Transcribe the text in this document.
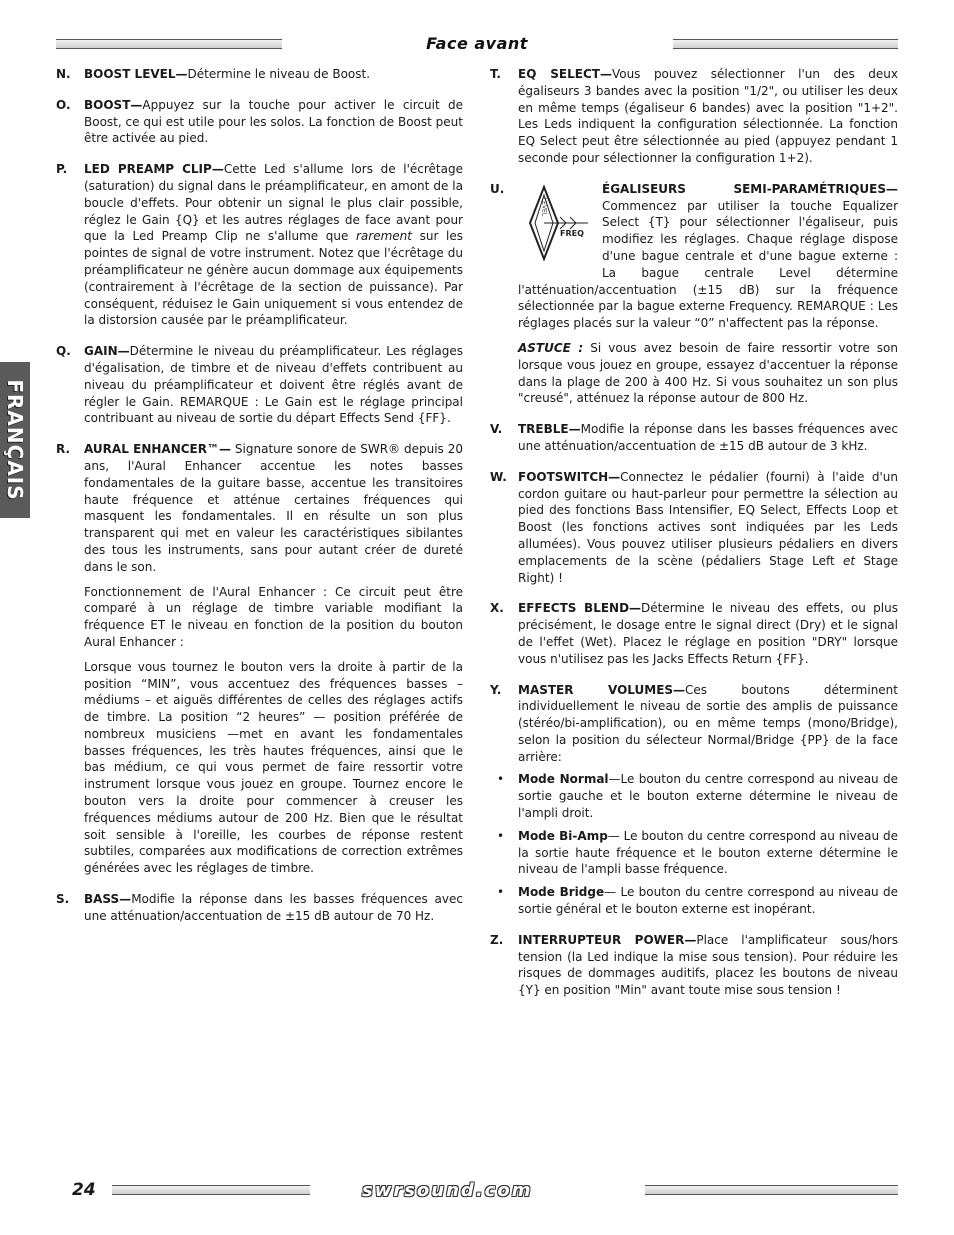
Face avant
FRANÇAIS
N. BOOST LEVEL—Détermine le niveau de Boost.

O. BOOST—Appuyez sur la touche pour activer le circuit de Boost, ce qui est utile pour les solos. La fonction de Boost peut être activée au pied.

P. LED PREAMP CLIP—Cette Led s'allume lors de l'écrêtage (saturation) du signal dans le préamplificateur, en amont de la boucle d'effets. Pour obtenir un signal le plus clair possible, réglez le Gain {Q} et les autres réglages de face avant pour que la Led Preamp Clip ne s'allume que rarement sur les pointes de signal de votre instrument. Notez que l'écrêtage du préamplificateur ne génère aucun dommage aux équipements (contrairement à l'écrêtage de la section de puissance). Par conséquent, réduisez le Gain uniquement si vous entendez de la distorsion causée par le préamplificateur.

Q. GAIN—Détermine le niveau du préamplificateur. Les réglages d'égalisation, de timbre et de niveau d'effets contribuent au niveau du préamplificateur et doivent être réglés avant de régler le Gain. REMARQUE : Le Gain est le réglage principal contribuant au niveau de sortie du départ Effects Send {FF}.

R. AURAL ENHANCER™— Signature sonore de SWR® depuis 20 ans, l'Aural Enhancer accentue les notes basses fondamentales de la guitare basse, accentue les transitoires haute fréquence et atténue certaines fréquences qui masquent les fondamentales. Il en résulte un son plus transparent qui met en valeur les caractéristiques sibilantes des tous les instruments, sans pour autant créer de dureté dans le son.

Fonctionnement de l'Aural Enhancer : Ce circuit peut être comparé à un réglage de timbre variable modifiant la fréquence ET le niveau en fonction de la position du bouton Aural Enhancer :

Lorsque vous tournez le bouton vers la droite à partir de la position “MIN”, vous accentuez des fréquences basses – médiums – et aiguës différentes de celles des réglages actifs de timbre. La position “2 heures” — position préférée de nombreux musiciens —met en avant les fondamentales basses fréquences, les très hautes fréquences, ainsi que le bas médium, ce qui vous permet de faire ressortir votre instrument lorsque vous jouez en groupe. Tournez encore le bouton vers la droite pour commencer à creuser les fréquences médiums autour de 200 Hz. Bien que le résultat soit sensible à l'oreille, les courbes de réponse restent subtiles, comparées aux modifications de correction extrêmes générées avec les réglages de timbre.

S. BASS—Modifie la réponse dans les basses fréquences avec une atténuation/accentuation de ±15 dB autour de 70 Hz.

T. EQ SELECT—Vous pouvez sélectionner l'un des deux égaliseurs 3 bandes avec la position "1/2", ou utiliser les deux en même temps (égaliseur 6 bandes) avec la position "1+2". Les Leds indiquent la configuration sélectionnée. La fonction EQ Select peut être sélectionnée au pied (appuyez pendant 1 seconde pour sélectionner la configuration 1+2).

U.	ÉGALISEURS SEMI-PARAMÉTRIQUES—
LEVEL
FREQ
Commencez par utiliser la touche Equalizer Select {T} pour sélectionner l'égaliseur, puis modifiez les réglages. Chaque réglage dispose d'une bague centrale et d'une bague externe : La bague centrale Level détermine l'atténuation/accentuation (±15 dB) sur la fréquence sélectionnée par la bague externe Frequency. REMARQUE : Les réglages placés sur la valeur “0” n'affectent pas la réponse.

ASTUCE : Si vous avez besoin de faire ressortir votre son lorsque vous jouez en groupe, essayez d'accentuer la réponse dans la plage de 200 à 400 Hz. Si vous souhaitez un son plus "creusé", atténuez la réponse autour de 800 Hz.

V. TREBLE—Modifie la réponse dans les basses fréquences avec une atténuation/accentuation de ±15 dB autour de 3 kHz.

W. FOOTSWITCH—Connectez le pédalier (fourni) à l'aide d'un cordon guitare ou haut-parleur pour permettre la sélection au pied des fonctions Bass Intensifier, EQ Select, Effects Loop et Boost (les fonctions actives sont indiquées par les Leds allumées). Vous pouvez utiliser plusieurs pédaliers en divers emplacements de la scène (pédaliers Stage Left et Stage Right) !

X. EFFECTS BLEND—Détermine le niveau des effets, ou plus précisément, le dosage entre le signal direct (Dry) et le signal de l'effet (Wet). Placez le réglage en position "DRY" lorsque vous n'utilisez pas les Jacks Effects Return {FF}.

Y. MASTER VOLUMES—Ces boutons déterminent individuellement le niveau de sortie des amplis de puissance (stéréo/bi-amplification), ou en même temps (mono/Bridge), selon la position du sélecteur Normal/Bridge {PP} de la face arrière:

• Mode Normal—Le bouton du centre correspond au niveau de sortie gauche et le bouton externe détermine le niveau de l'ampli droit.
• Mode Bi-Amp— Le bouton du centre correspond au niveau de la sortie haute fréquence et le bouton externe détermine le niveau de l'ampli basse fréquence.
• Mode Bridge— Le bouton du centre correspond au niveau de sortie général et le bouton externe est inopérant.
Z. INTERRUPTEUR POWER—Place l'amplificateur sous/hors tension (la Led indique la mise sous tension). Pour réduire les risques de dommages auditifs, placez les boutons de niveau {Y} en position "Min" avant toute mise sous tension !

24	swrsound.com
